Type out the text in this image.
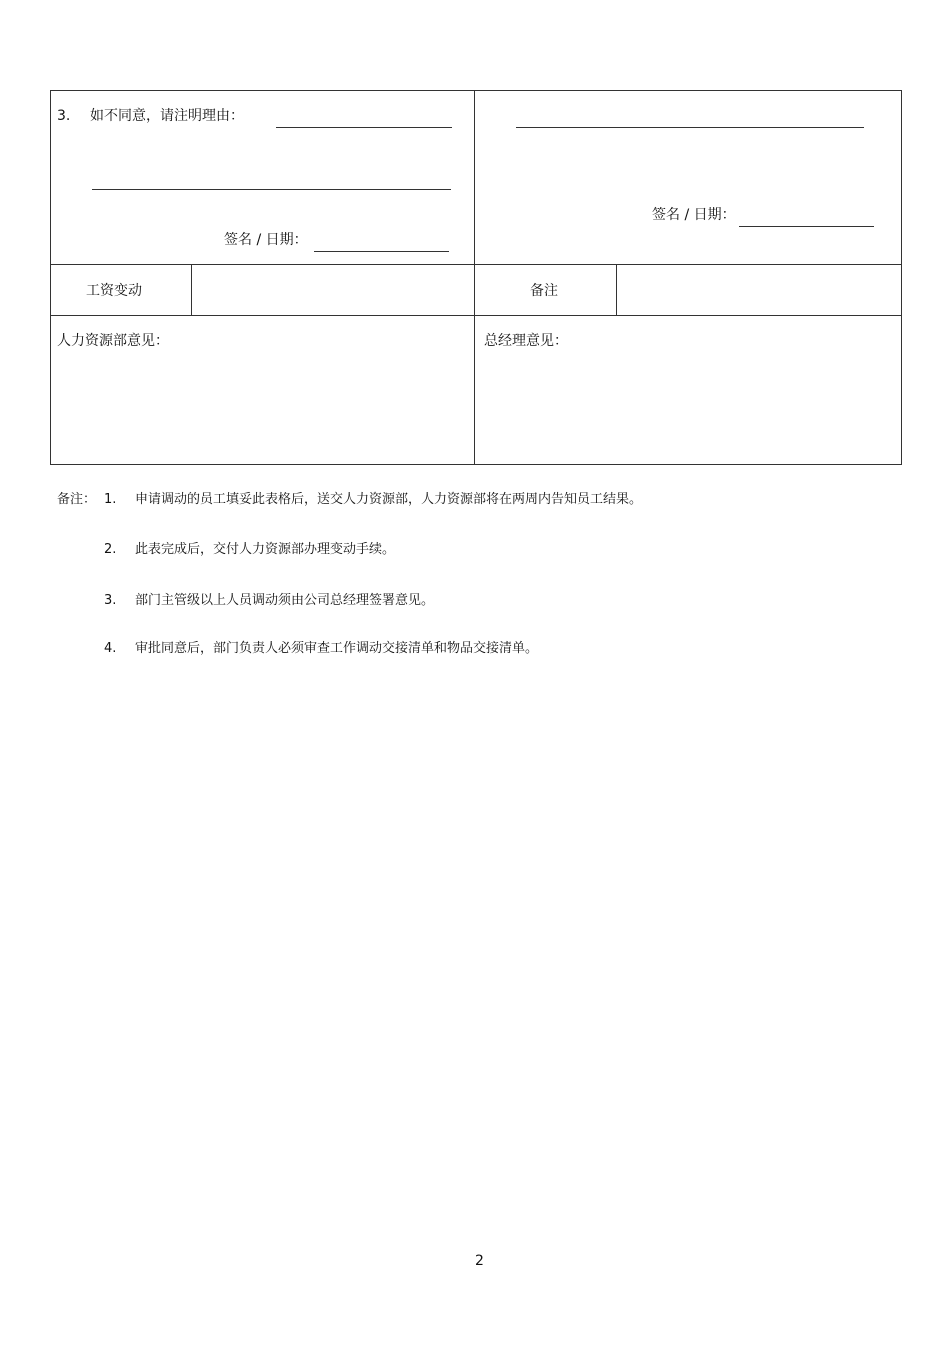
3. 如不同意，请注明理由：
签名 / 日期：
签名 / 日期：
工资变动	备注
人力资源部意见：	总经理意见：
备注： 1. 申请调动的员工填妥此表格后，送交人力资源部，人力资源部将在两周内告知员工结果。
2. 此表完成后，交付人力资源部办理变动手续。
3. 部门主管级以上人员调动须由公司总经理签署意见。
4. 审批同意后，部门负责人必须审查工作调动交接清单和物品交接清单。
2
